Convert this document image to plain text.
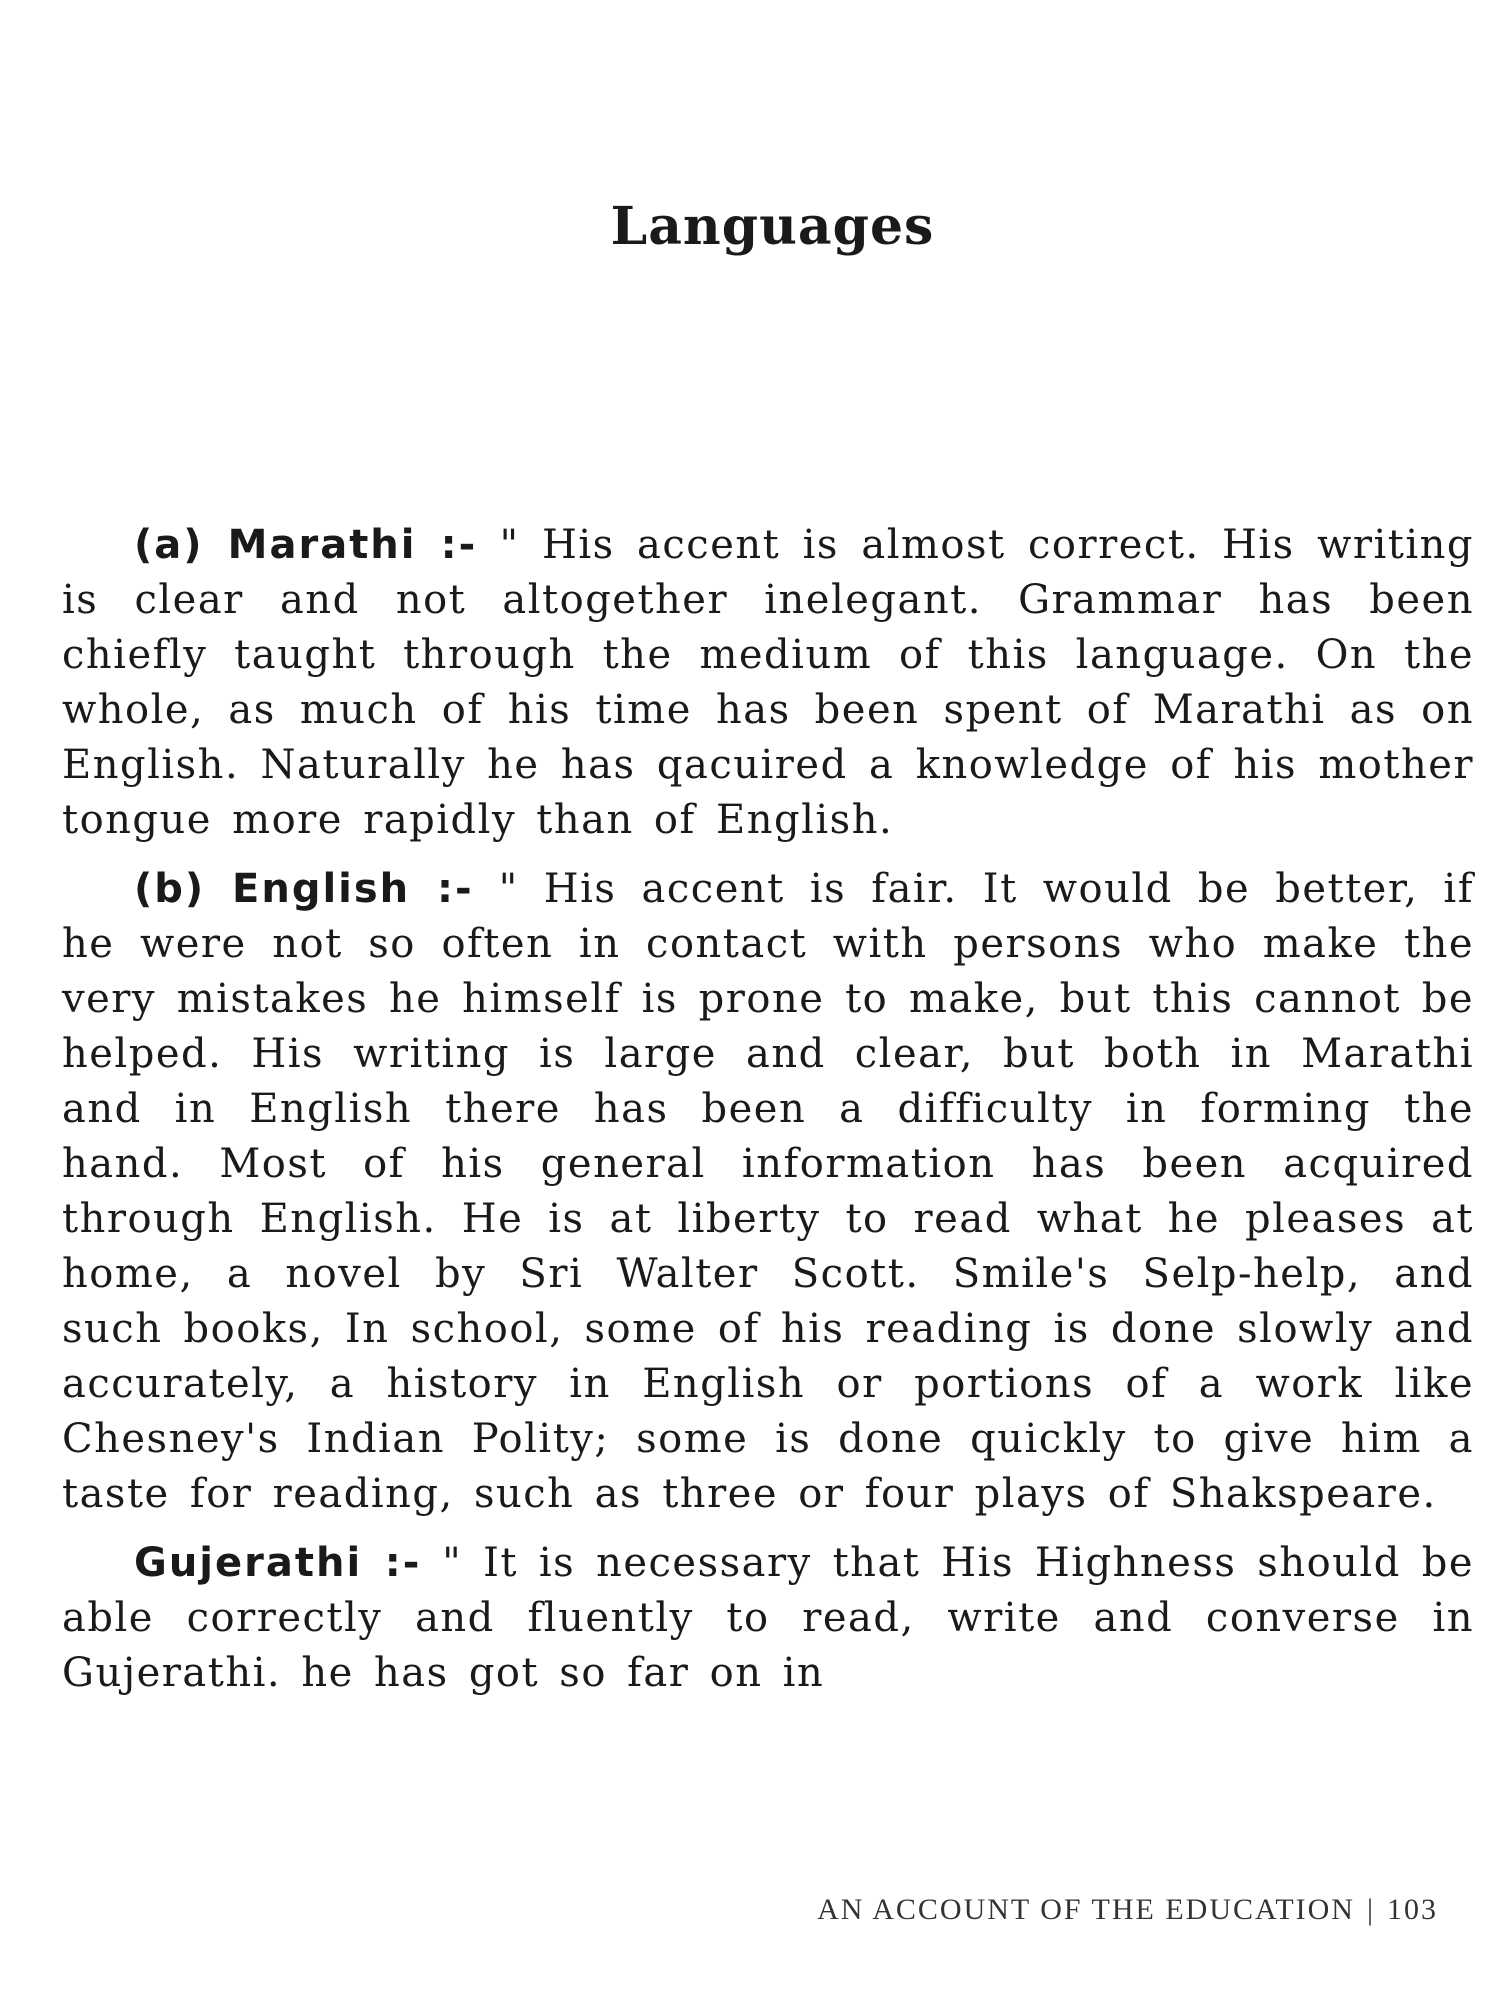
Languages

(a) Marathi :- " His accent is almost correct. His writing is clear and not altogether inelegant. Grammar has been chiefly taught through the medium of this language. On the whole, as much of his time has been spent of Marathi as on English. Naturally he has qacuired a knowledge of his mother tongue more rapidly than of English.

(b) English :- " His accent is fair. It would be better, if he were not so often in contact with persons who make the very mistakes he himself is prone to make, but this cannot be helped. His writing is large and clear, but both in Marathi and in English there has been a difficulty in forming the hand. Most of his general information has been acquired through English. He is at liberty to read what he pleases at home, a novel by Sri Walter Scott. Smile's Selp-help, and such books, In school, some of his reading is done slowly and accurately, a history in English or portions of a work like Chesney's Indian Polity; some is done quickly to give him a taste for reading, such as three or four plays of Shakspeare.

Gujerathi :- " It is necessary that His Highness should be able correctly and fluently to read, write and converse in Gujerathi. he has got so far on in

AN ACCOUNT OF THE EDUCATION | 103
